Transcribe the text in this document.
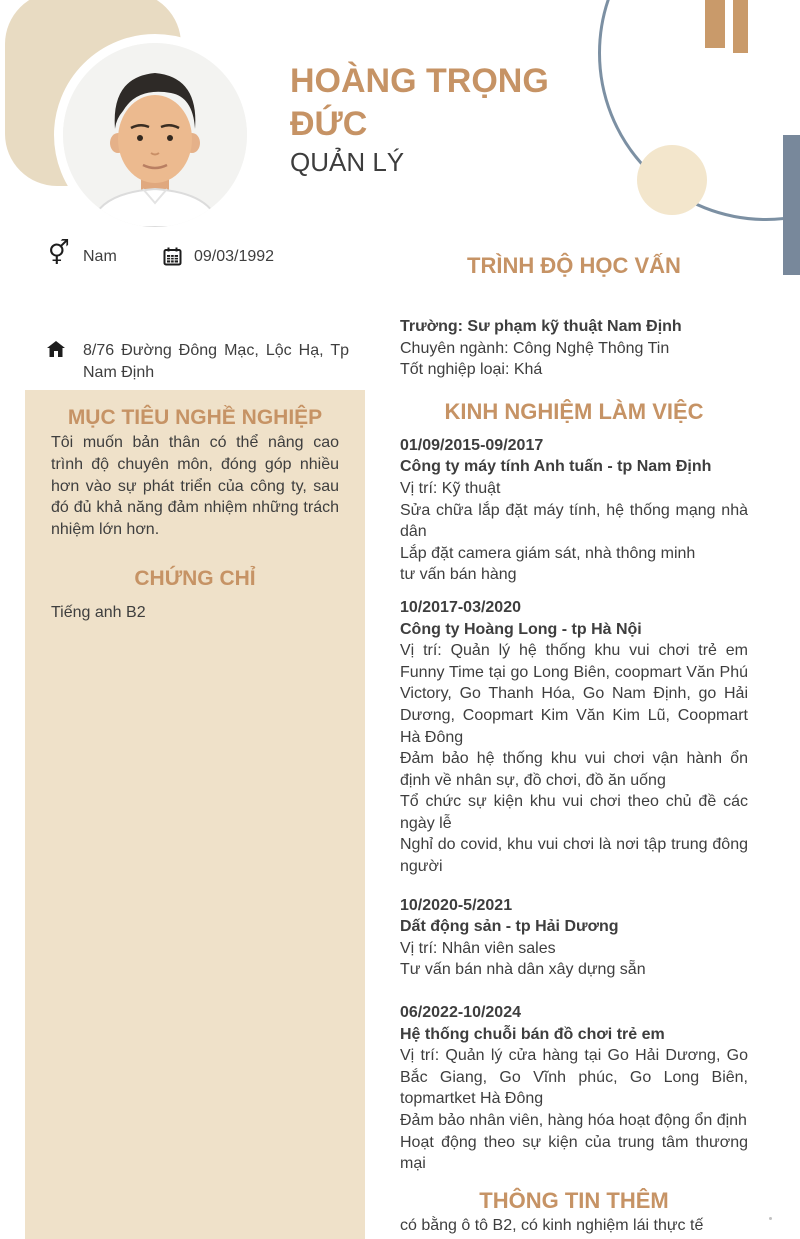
HOÀNG TRỌNG ĐỨC
QUẢN LÝ
⚥ Nam	09/03/1992
8/76 Đường Đông Mạc, Lộc Hạ, Tp Nam Định
MỤC TIÊU NGHỀ NGHIỆP

Tôi muốn bản thân có thể nâng cao trình độ chuyên môn, đóng góp nhiều hơn vào sự phát triển của công ty, sau đó đủ khả năng đảm nhiệm những trách nhiệm lớn hơn.

CHỨNG CHỈ

Tiếng anh B2

TRÌNH ĐỘ HỌC VẤN

Trường: Sư phạm kỹ thuật Nam Định

Chuyên ngành: Công Nghệ Thông Tin

Tốt nghiệp loại: Khá

KINH NGHIỆM LÀM VIỆC

01/09/2015-09/2017

Công ty máy tính Anh tuấn - tp Nam Định

Vị trí: Kỹ thuật

Sửa chữa lắp đặt máy tính, hệ thống mạng nhà dân

Lắp đặt camera giám sát, nhà thông minh

tư vấn bán hàng

10/2017-03/2020

Công ty Hoàng Long - tp Hà Nội

Vị trí: Quản lý hệ thống khu vui chơi trẻ em Funny Time tại go Long Biên, coopmart Văn Phú Victory, Go Thanh Hóa, Go Nam Định, go Hải Dương, Coopmart Kim Văn Kim Lũ, Coopmart Hà Đông

Đảm bảo hệ thống khu vui chơi vận hành ổn định về nhân sự, đồ chơi, đồ ăn uống

Tổ chức sự kiện khu vui chơi theo chủ đề các ngày lễ

Nghỉ do covid, khu vui chơi là nơi tập trung đông người

10/2020-5/2021

Dất động sản - tp Hải Dương

Vị trí: Nhân viên sales

Tư vấn bán nhà dân xây dựng sẵn

06/2022-10/2024

Hệ thống chuỗi bán đồ chơi trẻ em

Vị trí: Quản lý cửa hàng tại Go Hải Dương, Go Bắc Giang, Go Vĩnh phúc, Go Long Biên, topmartket Hà Đông

Đảm bảo nhân viên, hàng hóa hoạt động ổn định

Hoạt động theo sự kiện của trung tâm thương mại

THÔNG TIN THÊM

có bằng ô tô B2, có kinh nghiệm lái thực tế
